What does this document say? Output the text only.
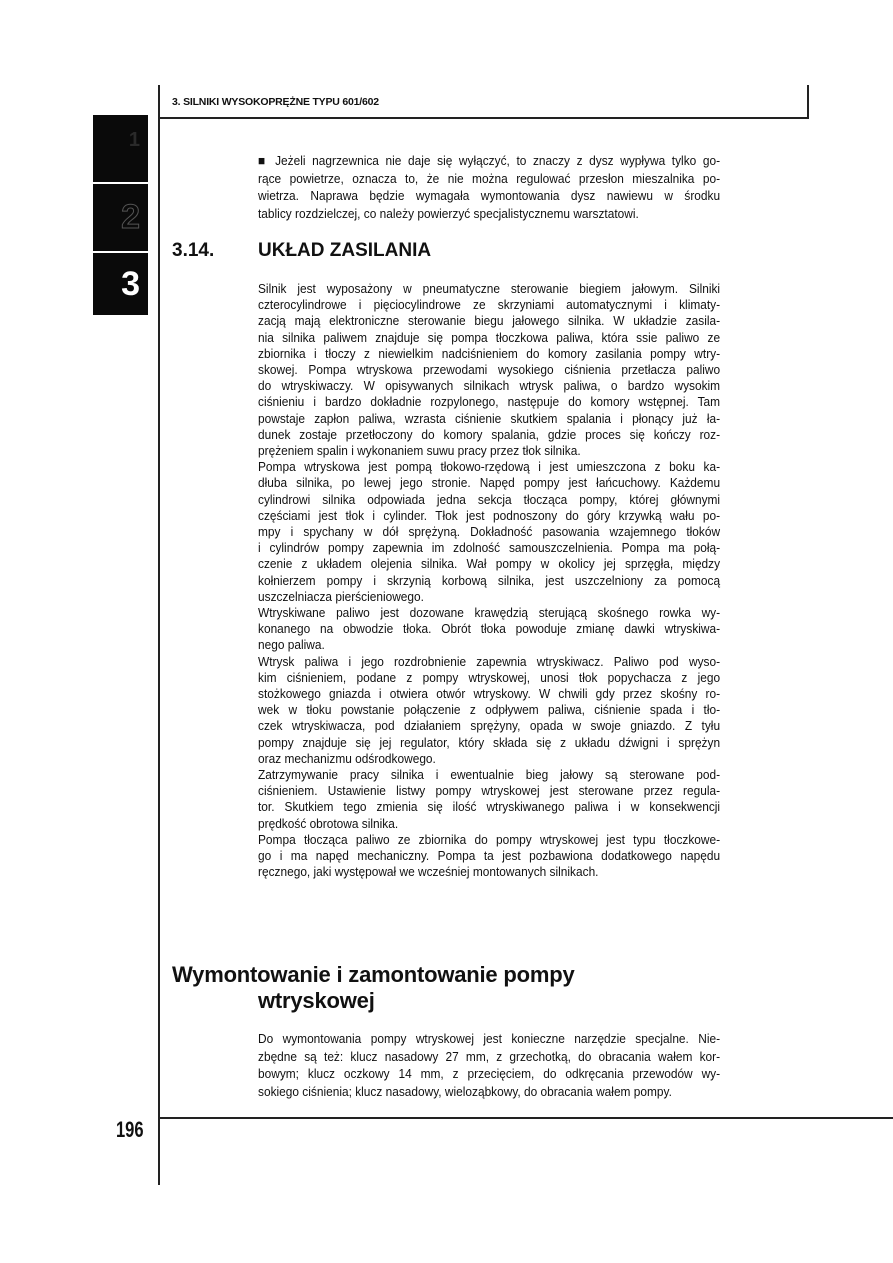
3. SILNIKI WYSOKOPRĘŻNE TYPU 601/602
1
2
3
■ Jeżeli nagrzewnica nie daje się wyłączyć, to znaczy z dysz wypływa tylko go-
rące powietrze, oznacza to, że nie można regulować przesłon mieszalnika po-
wietrza. Naprawa będzie wymagała wymontowania dysz nawiewu w środku
tablicy rozdzielczej, co należy powierzyć specjalistycznemu warsztatowi.
3.14. UKŁAD ZASILANIA
Silnik jest wyposażony w pneumatyczne sterowanie biegiem jałowym. Silniki
czterocylindrowe i pięciocylindrowe ze skrzyniami automatycznymi i klimaty-
zacją mają elektroniczne sterowanie biegu jałowego silnika. W układzie zasila-
nia silnika paliwem znajduje się pompa tłoczkowa paliwa, która ssie paliwo ze
zbiornika i tłoczy z niewielkim nadciśnieniem do komory zasilania pompy wtry-
skowej. Pompa wtryskowa przewodami wysokiego ciśnienia przetłacza paliwo
do wtryskiwaczy. W opisywanych silnikach wtrysk paliwa, o bardzo wysokim
ciśnieniu i bardzo dokładnie rozpylonego, następuje do komory wstępnej. Tam
powstaje zapłon paliwa, wzrasta ciśnienie skutkiem spalania i płonący już ła-
dunek zostaje przetłoczony do komory spalania, gdzie proces się kończy roz-
prężeniem spalin i wykonaniem suwu pracy przez tłok silnika.
Pompa wtryskowa jest pompą tłokowo-rzędową i jest umieszczona z boku ka-
dłuba silnika, po lewej jego stronie. Napęd pompy jest łańcuchowy. Każdemu
cylindrowi silnika odpowiada jedna sekcja tłocząca pompy, której głównymi
częściami jest tłok i cylinder. Tłok jest podnoszony do góry krzywką wału po-
mpy i spychany w dół sprężyną. Dokładność pasowania wzajemnego tłoków
i cylindrów pompy zapewnia im zdolność samouszczelnienia. Pompa ma połą-
czenie z układem olejenia silnika. Wał pompy w okolicy jej sprzęgła, między
kołnierzem pompy i skrzynią korbową silnika, jest uszczelniony za pomocą
uszczelniacza pierścieniowego.
Wtryskiwane paliwo jest dozowane krawędzią sterującą skośnego rowka wy-
konanego na obwodzie tłoka. Obrót tłoka powoduje zmianę dawki wtryskiwa-
nego paliwa.
Wtrysk paliwa i jego rozdrobnienie zapewnia wtryskiwacz. Paliwo pod wyso-
kim ciśnieniem, podane z pompy wtryskowej, unosi tłok popychacza z jego
stożkowego gniazda i otwiera otwór wtryskowy. W chwili gdy przez skośny ro-
wek w tłoku powstanie połączenie z odpływem paliwa, ciśnienie spada i tło-
czek wtryskiwacza, pod działaniem sprężyny, opada w swoje gniazdo. Z tyłu
pompy znajduje się jej regulator, który składa się z układu dźwigni i sprężyn
oraz mechanizmu odśrodkowego.
Zatrzymywanie pracy silnika i ewentualnie bieg jałowy są sterowane pod-
ciśnieniem. Ustawienie listwy pompy wtryskowej jest sterowane przez regula-
tor. Skutkiem tego zmienia się ilość wtryskiwanego paliwa i w konsekwencji
prędkość obrotowa silnika.
Pompa tłocząca paliwo ze zbiornika do pompy wtryskowej jest typu tłoczkowe-
go i ma napęd mechaniczny. Pompa ta jest pozbawiona dodatkowego napędu
ręcznego, jaki występował we wcześniej montowanych silnikach.
Wymontowanie i zamontowanie pompy
wtryskowej
Do wymontowania pompy wtryskowej jest konieczne narzędzie specjalne. Nie-
zbędne są też: klucz nasadowy 27 mm, z grzechotką, do obracania wałem kor-
bowym; klucz oczkowy 14 mm, z przecięciem, do odkręcania przewodów wy-
sokiego ciśnienia; klucz nasadowy, wieloząbkowy, do obracania wałem pompy.
196
